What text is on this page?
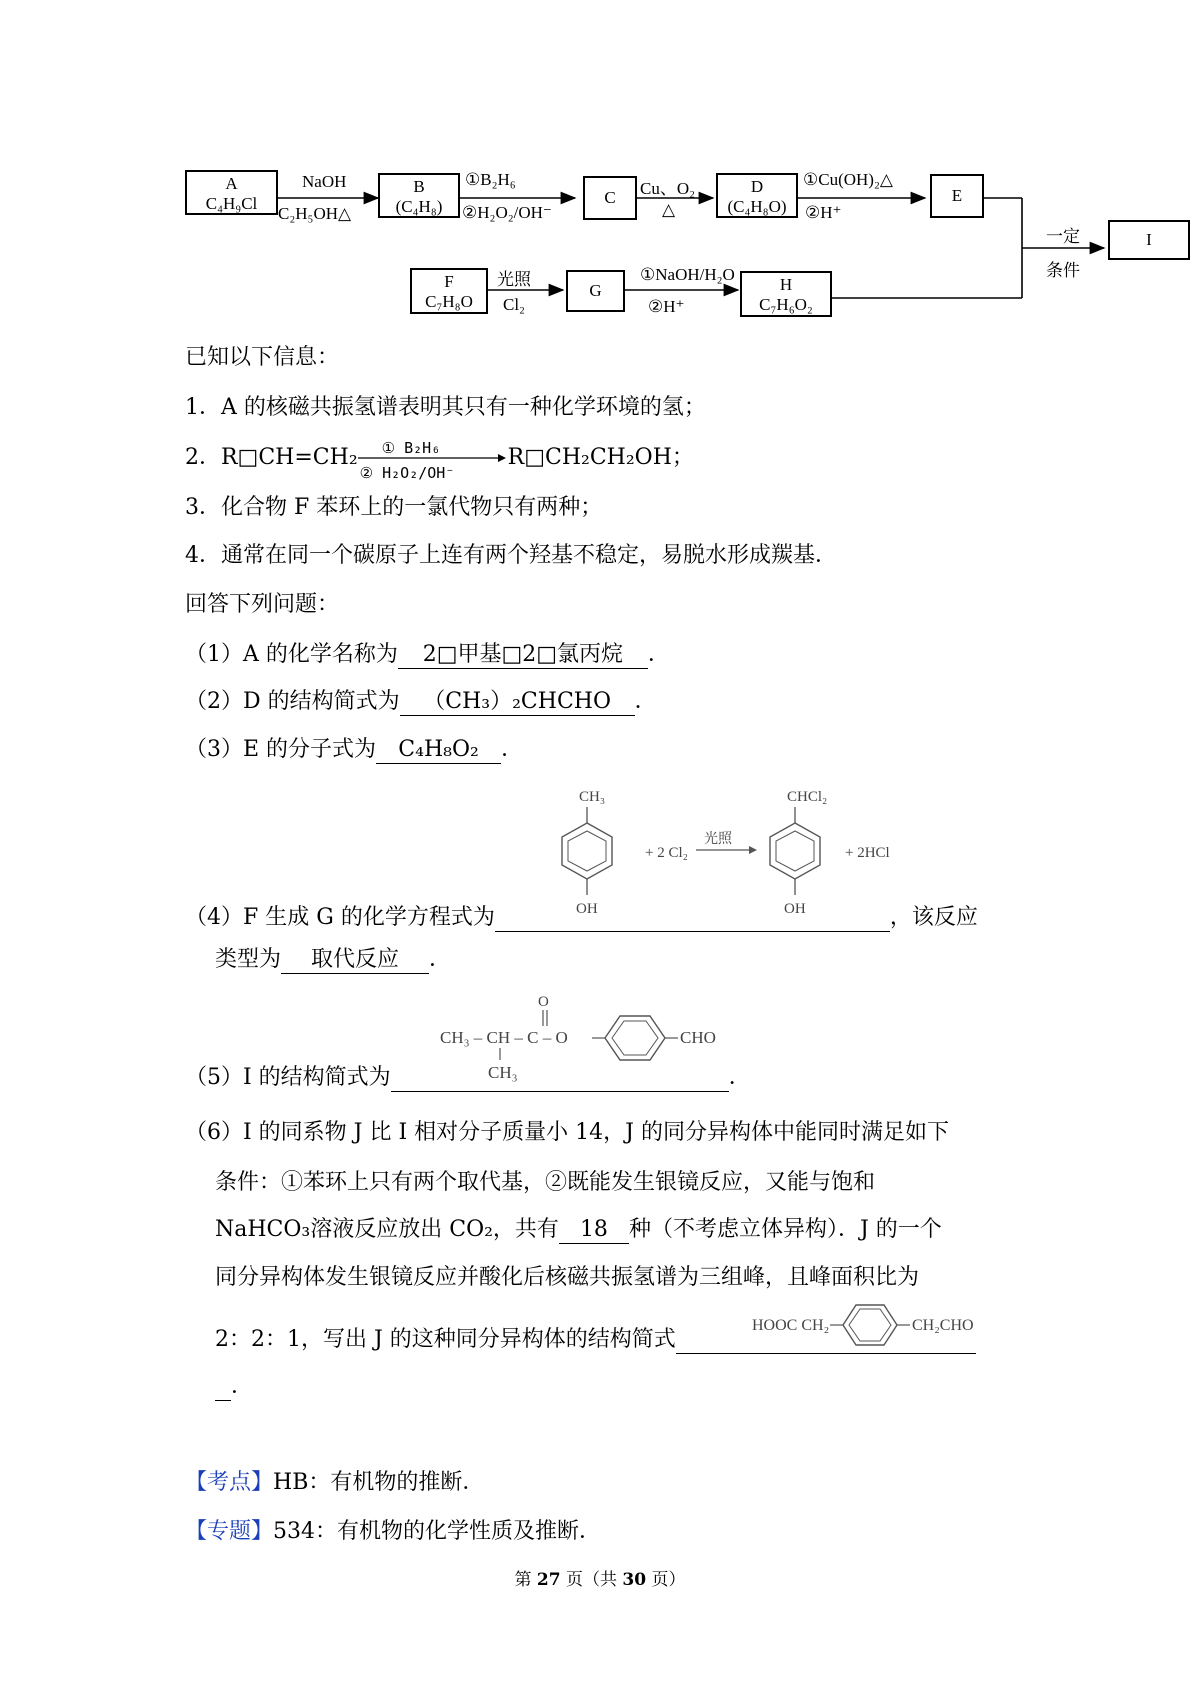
A
C₄H₉Cl
NaOH
C₂H₅OH△
B
(C₄H₈)
①B₂H₆
②H₂O₂/OH⁻
C	Cu、O₂
△
D
(C₄H₈O)
①Cu(OH)₂△
②H⁺
E
一定
条件
I
F
C₇H₈O
光照
Cl₂
G
①NaOH/H₂O
②H⁺
H
C₇H₆O₂
已知以下信息：
1．A 的核磁共振氢谱表明其只有一种化学环境的氢；
2．R□CH=CH₂ ① B₂H₆
② H₂O₂/OH⁻
R□CH₂CH₂OH；
3．化合物 F 苯环上的一氯代物只有两种；
4．通常在同一个碳原子上连有两个羟基不稳定，易脱水形成羰基．
回答下列问题：
（1）A 的化学名称为 2□甲基□2□氯丙烷 ．
（2）D 的结构简式为 （CH₃）₂CHCHO ．
（3）E 的分子式为 C₄H₈O₂ ．
CH₃
OH
+ 2 Cl₂
光照
CHCl₂
OH
+ 2HCl
（4）F 生成 G 的化学方程式为	，该反应
类型为 取代反应 ．
CH₃ – CH – C – O
O
CH₃
CHO
（5）I 的结构简式为	．
（6）I 的同系物 J 比 I 相对分子质量小 14，J 的同分异构体中能同时满足如下
条件：①苯环上只有两个取代基，②既能发生银镜反应，又能与饱和
NaHCO₃溶液反应放出 CO₂，共有 18 种（不考虑立体异构）．J 的一个
同分异构体发生银镜反应并酸化后核磁共振氢谱为三组峰，且峰面积比为
HOOC CH₂	CH₂CHO
2：2：1，写出 J 的这种同分异构体的结构简式
．
【考点】HB：有机物的推断．
【专题】534：有机物的化学性质及推断．
第 27 页（共 30 页）
